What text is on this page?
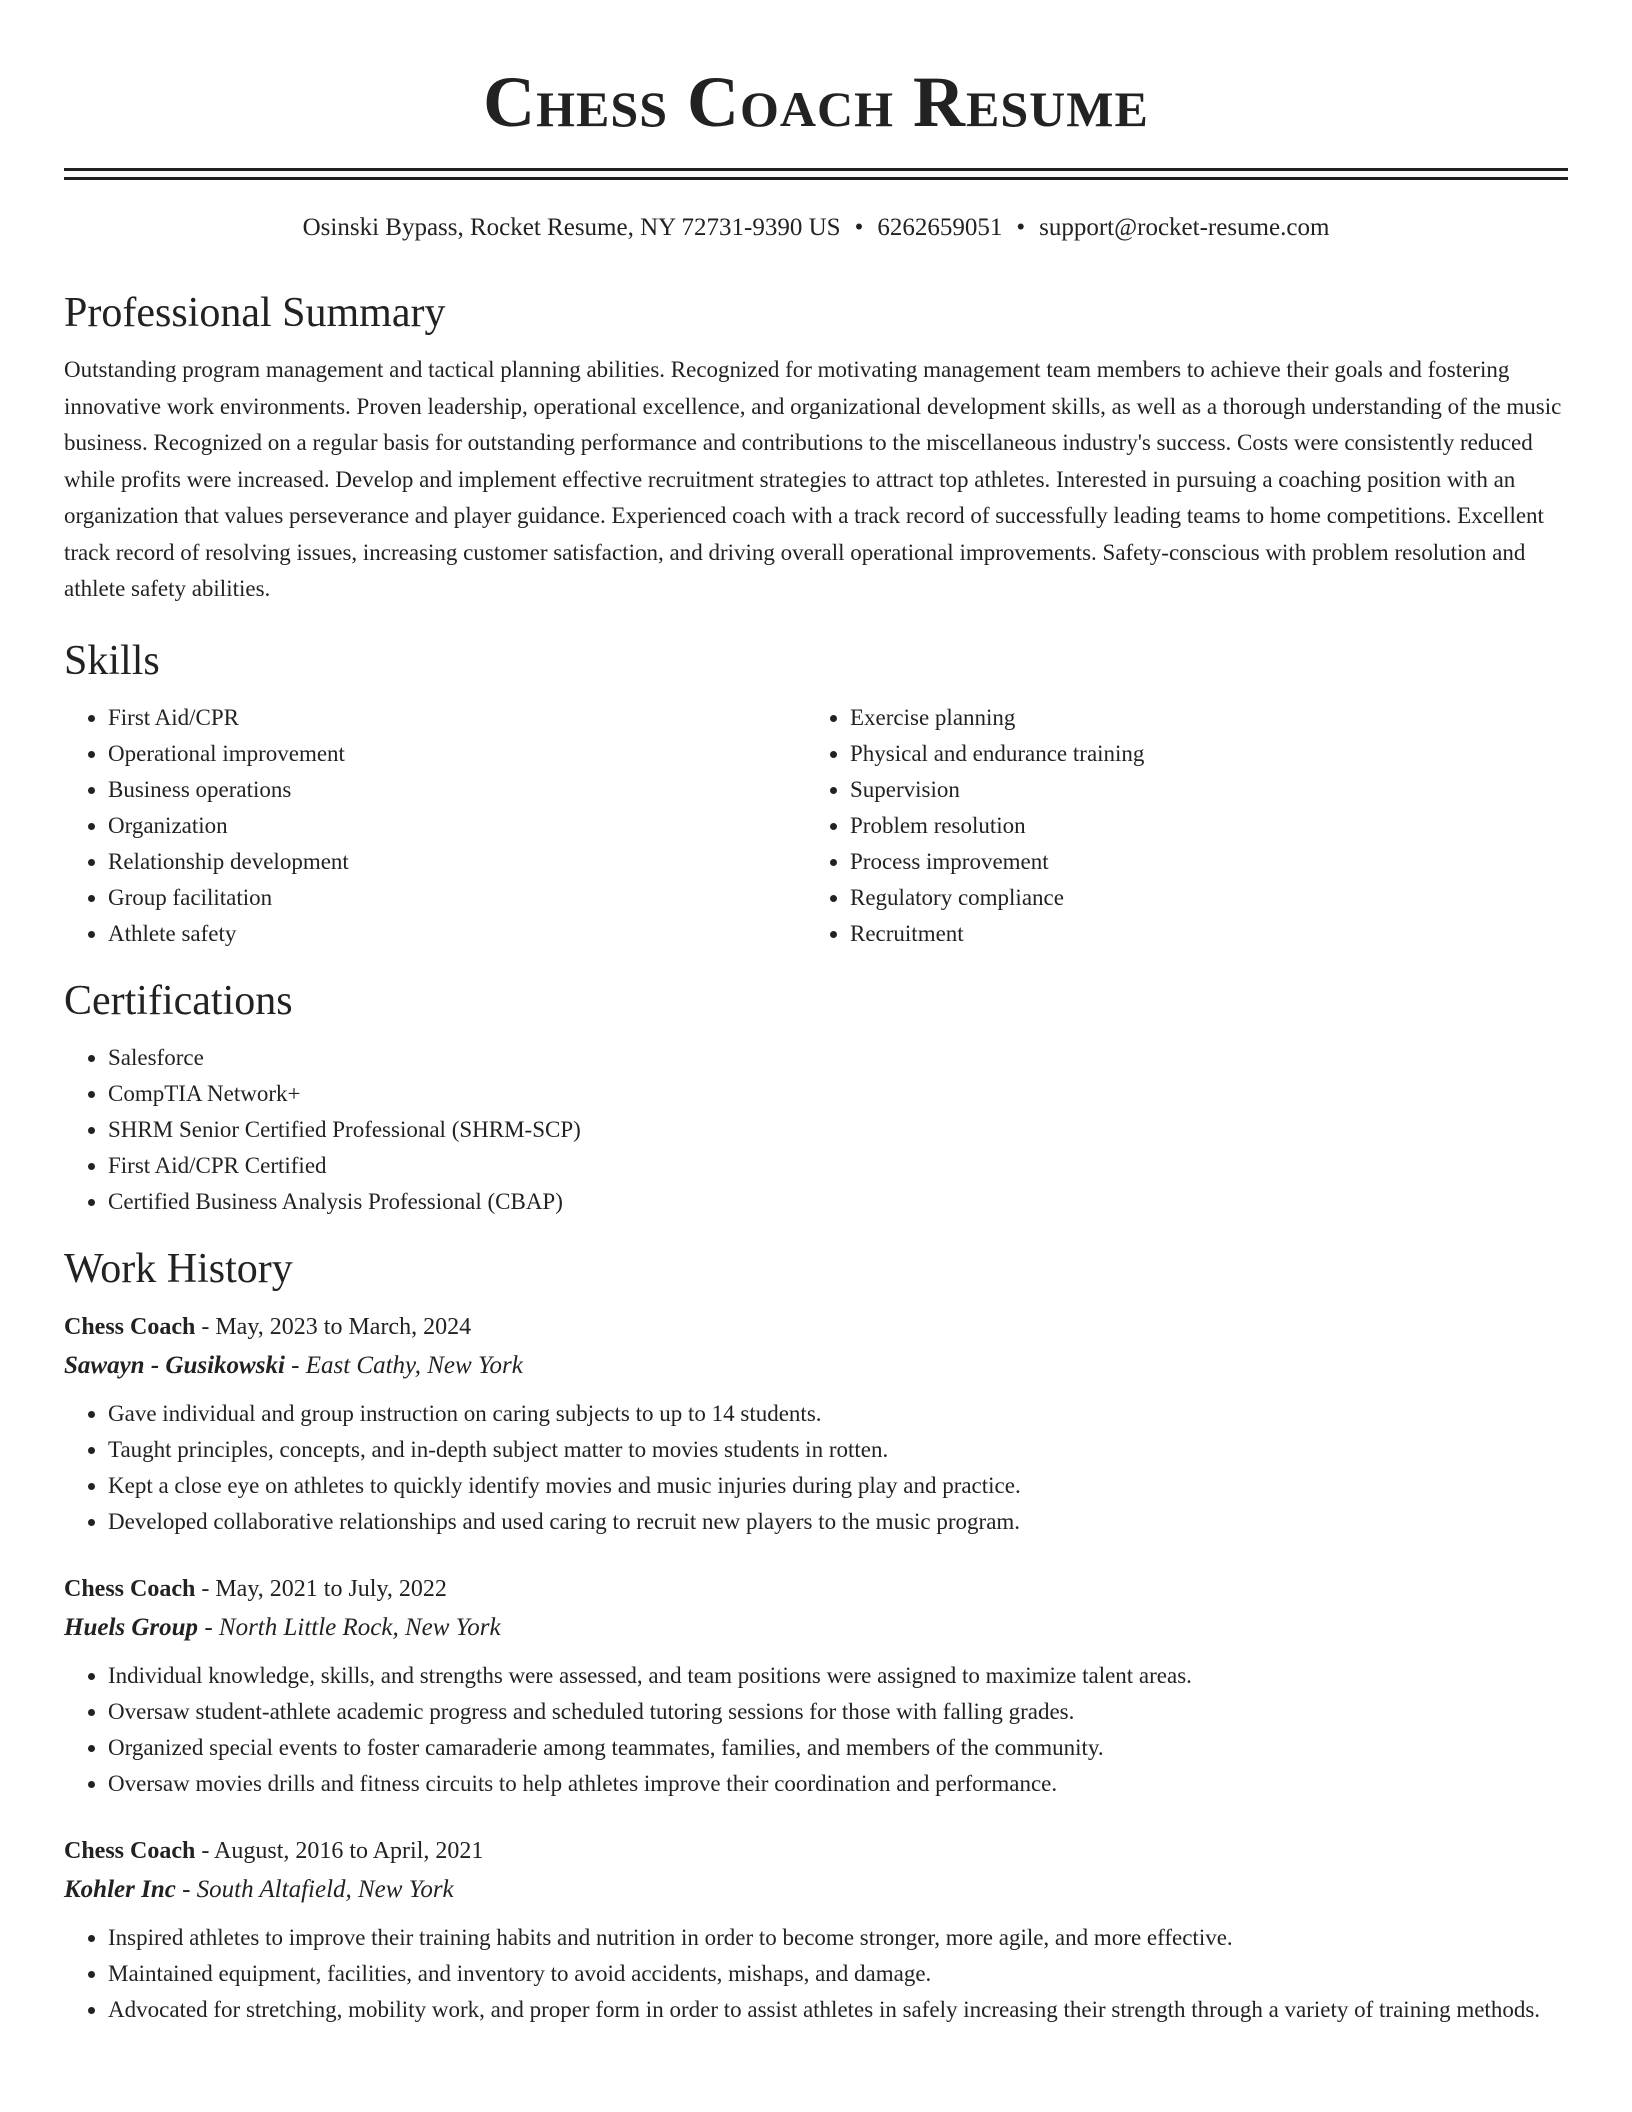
Chess Coach Resume
Osinski Bypass, Rocket Resume, NY 72731-9390 US • 6262659051 • support@rocket-resume.com
Professional Summary

Outstanding program management and tactical planning abilities. Recognized for motivating management team members to achieve their goals and fostering innovative work environments. Proven leadership, operational excellence, and organizational development skills, as well as a thorough understanding of the music business. Recognized on a regular basis for outstanding performance and contributions to the miscellaneous industry's success. Costs were consistently reduced while profits were increased. Develop and implement effective recruitment strategies to attract top athletes. Interested in pursuing a coaching position with an organization that values perseverance and player guidance. Experienced coach with a track record of successfully leading teams to home competitions. Excellent track record of resolving issues, increasing customer satisfaction, and driving overall operational improvements. Safety-conscious with problem resolution and athlete safety abilities.

Skills
• First Aid/CPR
• Operational improvement
• Business operations
• Organization
• Relationship development
• Group facilitation
• Athlete safety
• Exercise planning
• Physical and endurance training
• Supervision
• Problem resolution
• Process improvement
• Regulatory compliance
• Recruitment
Certifications
• Salesforce
• CompTIA Network+
• SHRM Senior Certified Professional (SHRM-SCP)
• First Aid/CPR Certified
• Certified Business Analysis Professional (CBAP)
Work History
Chess Coach - May, 2023 to March, 2024
Sawayn - Gusikowski - East Cathy, New York
• Gave individual and group instruction on caring subjects to up to 14 students.
• Taught principles, concepts, and in-depth subject matter to movies students in rotten.
• Kept a close eye on athletes to quickly identify movies and music injuries during play and practice.
• Developed collaborative relationships and used caring to recruit new players to the music program.
Chess Coach - May, 2021 to July, 2022
Huels Group - North Little Rock, New York
• Individual knowledge, skills, and strengths were assessed, and team positions were assigned to maximize talent areas.
• Oversaw student-athlete academic progress and scheduled tutoring sessions for those with falling grades.
• Organized special events to foster camaraderie among teammates, families, and members of the community.
• Oversaw movies drills and fitness circuits to help athletes improve their coordination and performance.
Chess Coach - August, 2016 to April, 2021
Kohler Inc - South Altafield, New York
• Inspired athletes to improve their training habits and nutrition in order to become stronger, more agile, and more effective.
• Maintained equipment, facilities, and inventory to avoid accidents, mishaps, and damage.
• Advocated for stretching, mobility work, and proper form in order to assist athletes in safely increasing their strength through a variety of training methods.
